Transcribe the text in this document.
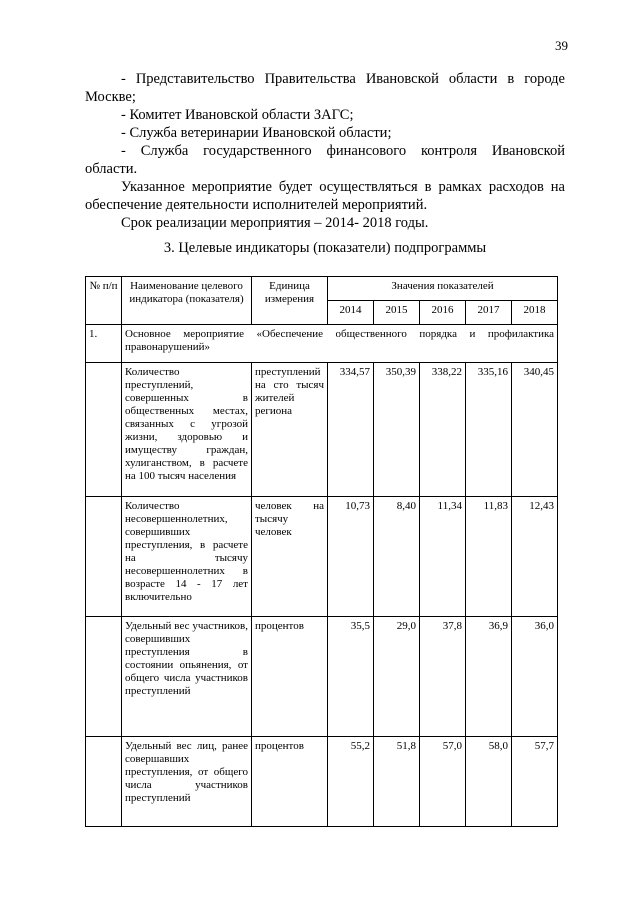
39

- Представительство Правительства Ивановской области в городе

Москве;

- Комитет Ивановской области ЗАГС;

- Служба ветеринарии Ивановской области;

- Служба государственного финансового контроля Ивановской

области.

Указанное мероприятие будет осуществляться в рамках расходов на

обеспечение деятельности исполнителей мероприятий.

Срок реализации мероприятия – 2014- 2018 годы.

3. Целевые индикаторы (показатели) подпрограммы
№ п/п	Наименование целевого индикатора (показателя)	Единица измерения	Значения показателей				
			2014	2015	2016	2017	2018
1.	Основное мероприятие «Обеспечение общественного порядка и профилактика правонарушений»						
	Количество преступлений, совершенных в общественных местах, связанных с угрозой жизни, здоровью и имуществу граждан, хулиганством, в расчете на 100 тысяч населения	преступлений на сто тысяч жителей региона	334,57	350,39	338,22	335,16	340,45
	Количество несовершеннолетних, совершивших преступления, в расчете на тысячу несовершеннолетних в возрасте 14 - 17 лет включительно	человек на тысячу человек	10,73	8,40	11,34	11,83	12,43
	Удельный вес участников, совершивших преступления в состоянии опьянения, от общего числа участников преступлений	процентов	35,5	29,0	37,8	36,9	36,0
	Удельный вес лиц, ранее совершавших преступления, от общего числа участников преступлений	процентов	55,2	51,8	57,0	58,0	57,7
